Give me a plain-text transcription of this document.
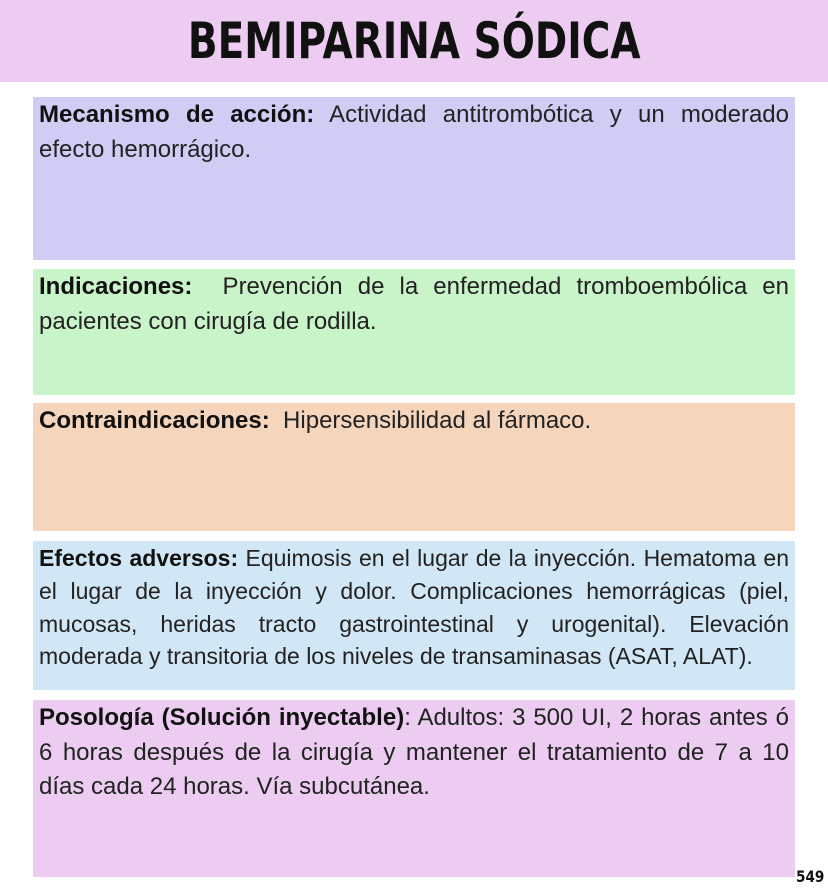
BEMIPARINA SÓDICA
Mecanismo de acción: Actividad antitrombótica y un moderado efecto hemorrágico.
Indicaciones:  Prevención de la enfermedad tromboembólica en pacientes con cirugía de rodilla.
Contraindicaciones:  Hipersensibilidad al fármaco.
Efectos adversos: Equimosis en el lugar de la inyección. Hematoma en el lugar de la inyección y dolor. Complicaciones hemorrágicas (piel, mucosas, heridas tracto gastrointestinal y urogenital). Elevación moderada y transitoria de los niveles de transaminasas (ASAT, ALAT).
Posología (Solución inyectable): Adultos: 3 500 UI, 2 horas antes ó 6 horas después de la cirugía y mantener el tratamiento de 7 a 10 días cada 24 horas. Vía subcutánea.
549
